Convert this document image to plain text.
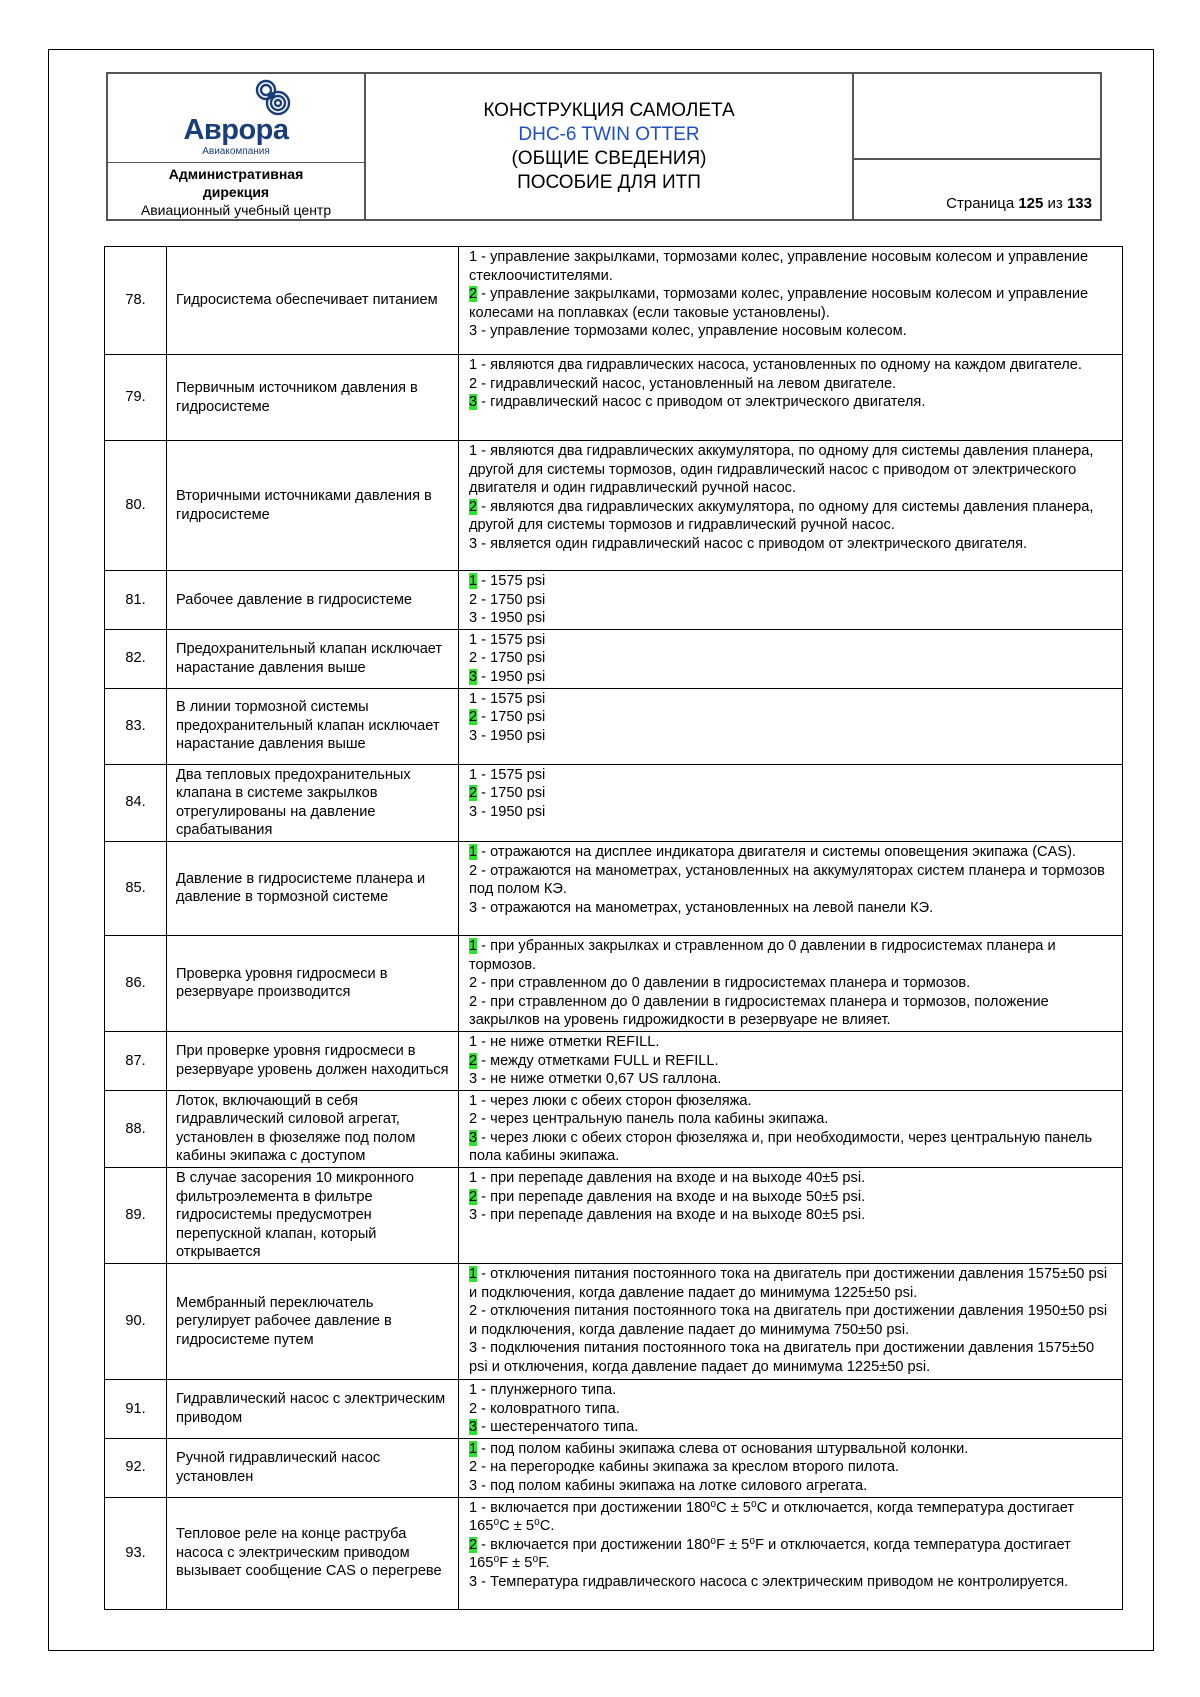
Аврора
Авиакомпания
Административная
дирекция
Авиационный учебный центр

КОНСТРУКЦИЯ САМОЛЕТА
DHC-6 TWIN OTTER
(ОБЩИЕ СВЕДЕНИЯ)
ПОСОБИЕ ДЛЯ ИТП

Страница 125 из 133
78.	Гидросистема обеспечивает питанием	1 - управление закрылками, тормозами колес, управление носовым колесом и управление стеклоочистителями.
2 - управление закрылками, тормозами колес, управление носовым колесом и управление колесами на поплавках (если таковые установлены).
3 - управление тормозами колес, управление носовым колесом.

79.	Первичным источником давления в гидросистеме	1 - являются два гидравлических насоса, установленных по одному на каждом двигателе.
2 - гидравлический насос, установленный на левом двигателе.
3 - гидравлический насос с приводом от электрического двигателя.

80.	Вторичными источниками давления в гидросистеме	1 - являются два гидравлических аккумулятора, по одному для системы давления планера, другой для системы тормозов, один гидравлический насос с приводом от электрического двигателя и один гидравлический ручной насос.
2 - являются два гидравлических аккумулятора, по одному для системы давления планера, другой для системы тормозов и гидравлический ручной насос.
3 - является один гидравлический насос с приводом от электрического двигателя.

81.	Рабочее давление в гидросистеме	1 - 1575 psi
2 - 1750 psi
3 - 1950 psi

82.	Предохранительный клапан исключает нарастание давления выше	1 - 1575 psi
2 - 1750 psi
3 - 1950 psi

83.	В линии тормозной системы предохранительный клапан исключает нарастание давления выше	1 - 1575 psi
2 - 1750 psi
3 - 1950 psi

84.	Два тепловых предохранительных клапана в системе закрылков отрегулированы на давление срабатывания	1 - 1575 psi
2 - 1750 psi
3 - 1950 psi

85.	Давление в гидросистеме планера и давление в тормозной системе	1 - отражаются на дисплее индикатора двигателя и системы оповещения экипажа (CAS).
2 - отражаются на манометрах, установленных на аккумуляторах систем планера и тормозов под полом КЭ.
3 - отражаются на манометрах, установленных на левой панели КЭ.

86.	Проверка уровня гидросмеси в резервуаре производится	1 - при убранных закрылках и стравленном до 0 давлении в гидросистемах планера и тормозов.
2 - при стравленном до 0 давлении в гидросистемах планера и тормозов.
2 - при стравленном до 0 давлении в гидросистемах планера и тормозов, положение закрылков на уровень гидрожидкости в резервуаре не влияет.

87.	При проверке уровня гидросмеси в резервуаре уровень должен находиться	1 - не ниже отметки REFILL.
2 - между отметками FULL и REFILL.
3 - не ниже отметки 0,67 US галлона.

88.	Лоток, включающий в себя гидравлический силовой агрегат, установлен в фюзеляже под полом кабины экипажа с доступом	1 - через люки с обеих сторон фюзеляжа.
2 - через центральную панель пола кабины экипажа.
3 - через люки с обеих сторон фюзеляжа и, при необходимости, через центральную панель пола кабины экипажа.

89.	В случае засорения 10 микронного фильтроэлемента в фильтре гидросистемы предусмотрен перепускной клапан, который открывается	1 - при перепаде давления на входе и на выходе 40±5 psi.
2 - при перепаде давления на входе и на выходе 50±5 psi.
3 - при перепаде давления на входе и на выходе 80±5 psi.

90.	Мембранный переключатель регулирует рабочее давление в гидросистеме путем	1 - отключения питания постоянного тока на двигатель при достижении давления 1575±50 psi и подключения, когда давление падает до минимума 1225±50 psi.
2 - отключения питания постоянного тока на двигатель при достижении давления 1950±50 psi и подключения, когда давление падает до минимума 750±50 psi.
3 - подключения питания постоянного тока на двигатель при достижении давления 1575±50 psi и отключения, когда давление падает до минимума 1225±50 psi.

91.	Гидравлический насос с электрическим приводом	1 - плунжерного типа.
2 - коловратного типа.
3 - шестеренчатого типа.

92.	Ручной гидравлический насос установлен	1 - под полом кабины экипажа слева от основания штурвальной колонки.
2 - на перегородке кабины экипажа за креслом второго пилота.
3 - под полом кабины экипажа на лотке силового агрегата.

93.	Тепловое реле на конце раструба насоса с электрическим приводом вызывает сообщение CAS о перегреве	1 - включается при достижении 180⁰C ± 5⁰C и отключается, когда температура достигает 165⁰C ± 5⁰C.
2 - включается при достижении 180⁰F ± 5⁰F и отключается, когда температура достигает 165⁰F ± 5⁰F.
3 - Температура гидравлического насоса с электрическим приводом не контролируется.
